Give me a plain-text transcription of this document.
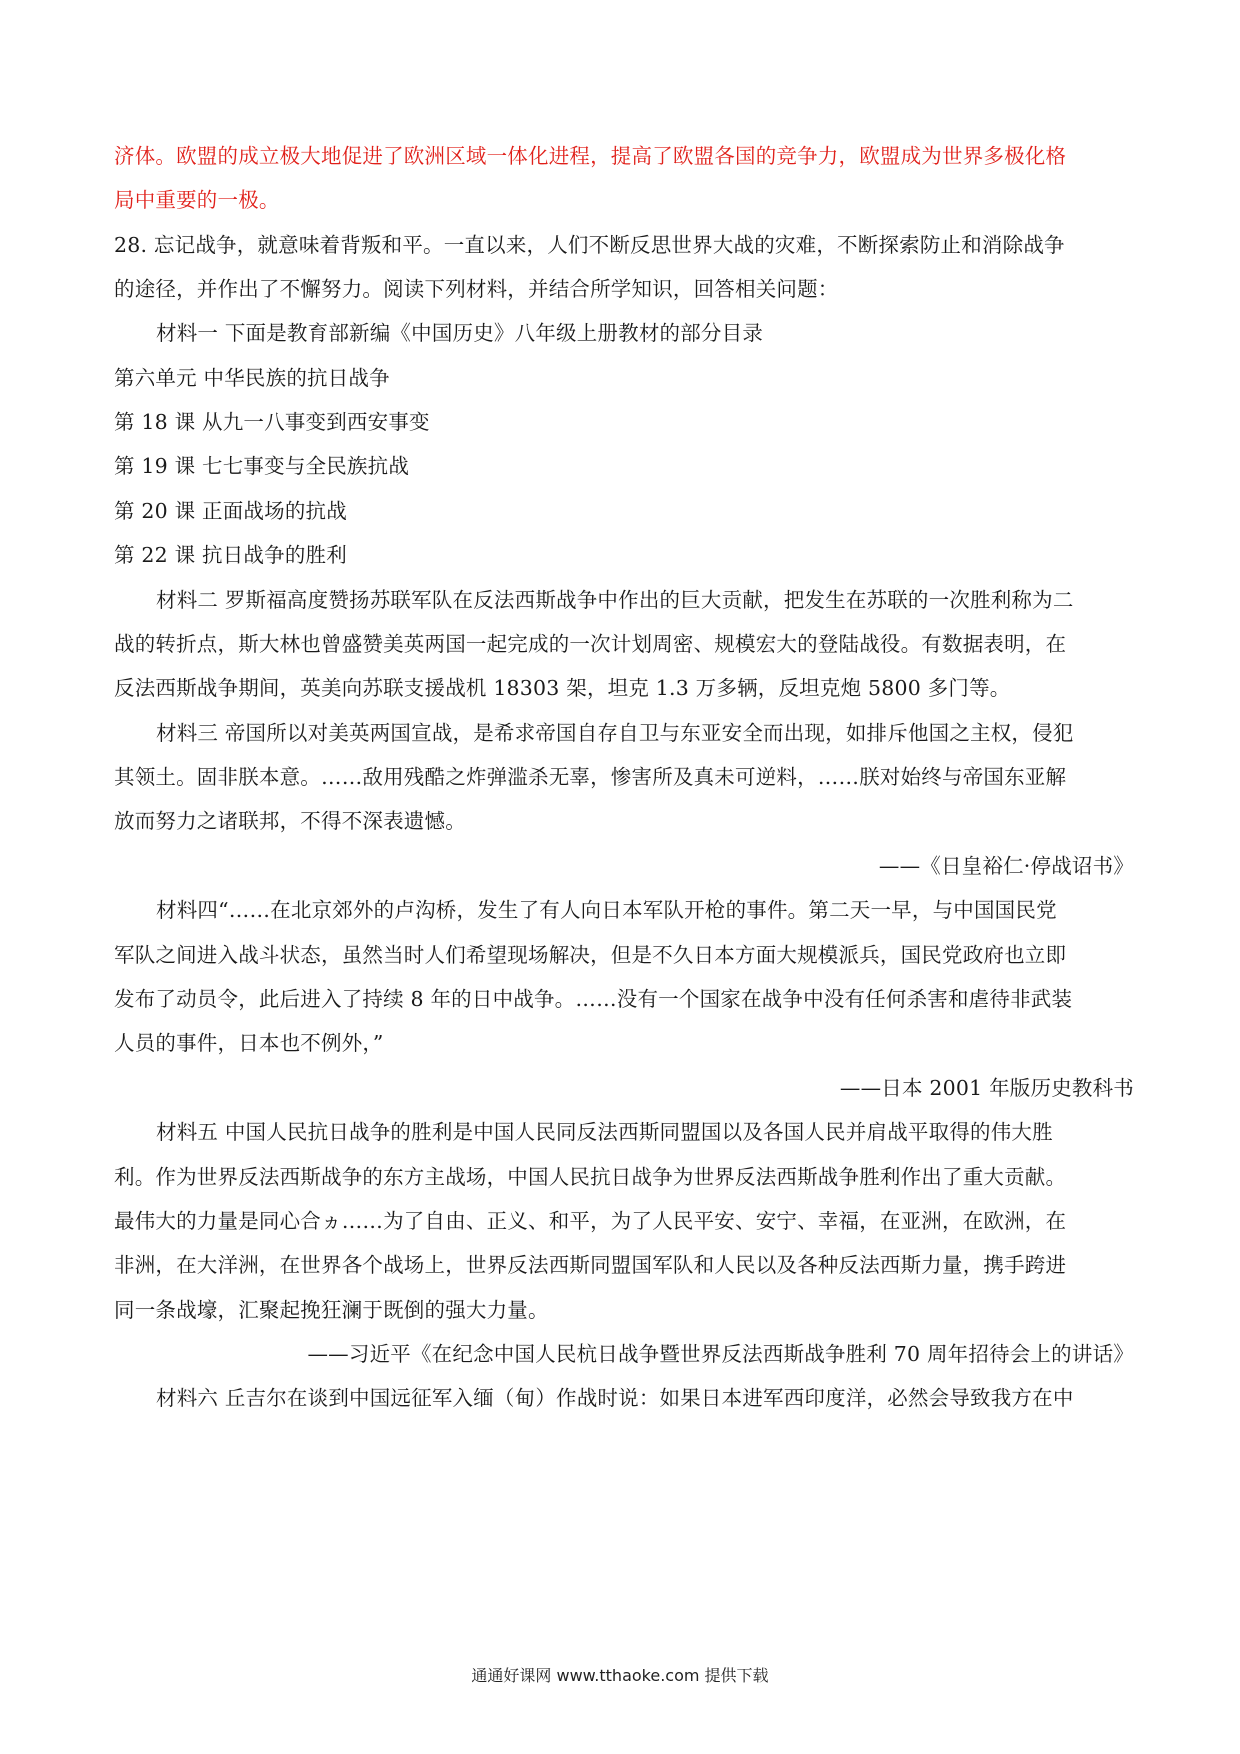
济体。欧盟的成立极大地促进了欧洲区域一体化进程，提高了欧盟各国的竞争力，欧盟成为世界多极化格
局中重要的一极。
28. 忘记战争，就意味着背叛和平。一直以来，人们不断反思世界大战的灾难，不断探索防止和消除战争
的途径，并作出了不懈努力。阅读下列材料，并结合所学知识，回答相关问题：
材料一 下面是教育部新编《中国历史》八年级上册教材的部分目录
第六单元 中华民族的抗日战争
第 18 课 从九一八事变到西安事变
第 19 课 七七事变与全民族抗战
第 20 课 正面战场的抗战
第 22 课 抗日战争的胜利
材料二 罗斯福高度赞扬苏联军队在反法西斯战争中作出的巨大贡献，把发生在苏联的一次胜利称为二
战的转折点，斯大林也曾盛赞美英两国一起完成的一次计划周密、规模宏大的登陆战役。有数据表明，在
反法西斯战争期间，英美向苏联支援战机 18303 架，坦克 1.3 万多辆，反坦克炮 5800 多门等。
材料三 帝国所以对美英两国宣战，是希求帝国自存自卫与东亚安全而出现，如排斥他国之主权，侵犯
其领土。固非朕本意。……敌用残酷之炸弹滥杀无辜，惨害所及真未可逆料，……朕对始终与帝国东亚解
放而努力之诸联邦，不得不深表遗憾。
——《日皇裕仁·停战诏书》
材料四“……在北京郊外的卢沟桥，发生了有人向日本军队开枪的事件。第二天一早，与中国国民党
军队之间进入战斗状态，虽然当时人们希望现场解决，但是不久日本方面大规模派兵，国民党政府也立即
发布了动员令，此后进入了持续 8 年的日中战争。……没有一个国家在战争中没有任何杀害和虐待非武装
人员的事件，日本也不例外，”
——日本 2001 年版历史教科书
材料五 中国人民抗日战争的胜利是中国人民同反法西斯同盟国以及各国人民并肩战平取得的伟大胜
利。作为世界反法西斯战争的东方主战场，中国人民抗日战争为世界反法西斯战争胜利作出了重大贡献。
最伟大的力量是同心合ヵ……为了自由、正义、和平，为了人民平安、安宁、幸福，在亚洲，在欧洲，在
非洲，在大洋洲，在世界各个战场上，世界反法西斯同盟国军队和人民以及各种反法西斯力量，携手跨进
同一条战壕，汇聚起挽狂澜于既倒的强大力量。
——习近平《在纪念中国人民杭日战争暨世界反法西斯战争胜利 70 周年招待会上的讲话》
材料六 丘吉尔在谈到中国远征军入缅（甸）作战时说：如果日本进军西印度洋，必然会导致我方在中
通通好课网 www.tthaoke.com 提供下载
